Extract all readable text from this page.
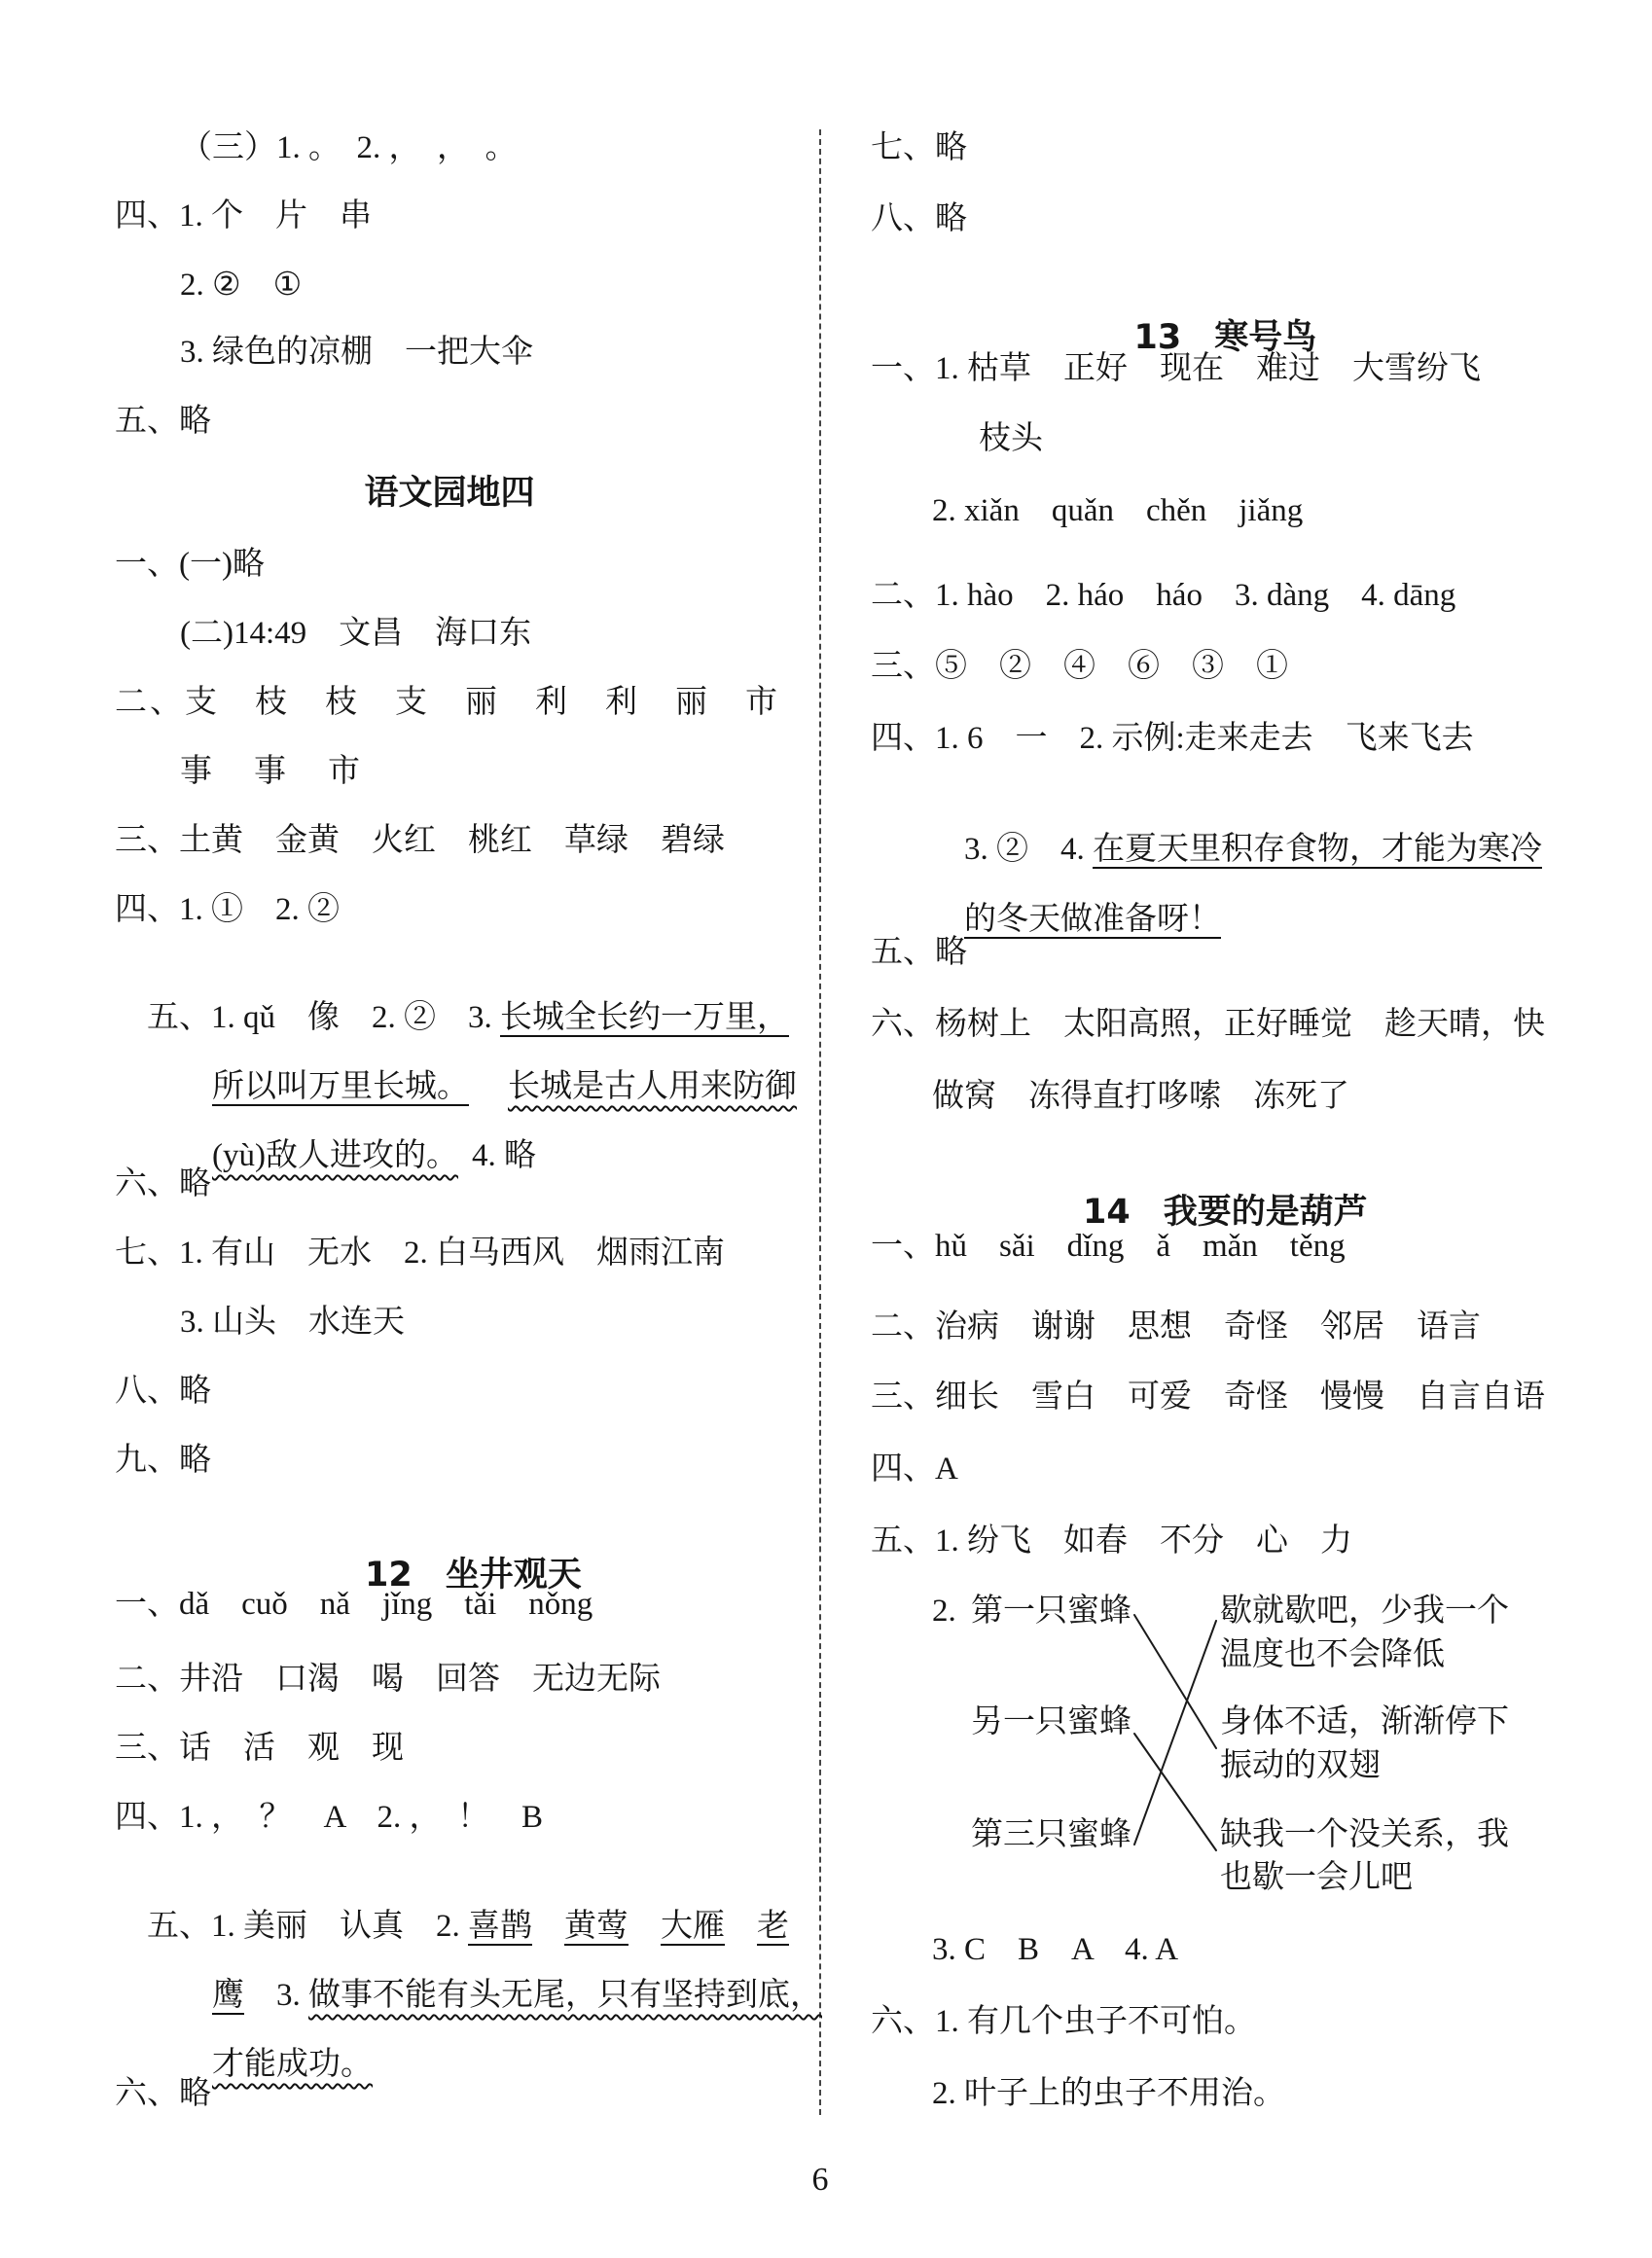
（三）1. 。　2. ，　，　。
四、1. 个　片　串
2. ②　①
3. 绿色的凉棚　一把大伞
五、略
语文园地四
一、(一)略
(二)14:49　文昌　海口东
二、支　枝　枝　支　丽　利　利　丽　市
事　事　市
三、土黄　金黄　火红　桃红　草绿　碧绿
四、1. ①　2. ②

五、1. qǔ　像　2. ②　3. 长城全长约一万里，

所以叫万里长城。 长城是古人用来防御

(yù)敌人进攻的。 4. 略

六、略
七、1. 有山　无水　2. 白马西风　烟雨江南
3. 山头　水连天
八、略
九、略

12 坐井观天

一、dǎ　cuǒ　nǎ　jǐng　tǎi　nǒng
二、井沿　口渴　喝　回答　无边无际
三、话　活　观　现
四、1. ，　？　A　2. ，　！　B

五、1. 美丽　认真　2. 喜鹊 黄莺 大雁 老

鹰 3. 做事不能有头无尾，只有坚持到底，

才能成功。

六、略
七、略
八、略

13 寒号鸟

一、1. 枯草　正好　现在　难过　大雪纷飞
枝头
2. xiǎn　quǎn　chěn　jiǎng
二、1. hào　2. háo　háo　3. dàng　4. dāng
三、⑤　②　④　⑥　③　①
四、1. 6　一　2. 示例:走来走去　飞来飞去

3. ②　4. 在夏天里积存食物，才能为寒冷

的冬天做准备呀！

五、略
六、杨树上　太阳高照，正好睡觉　趁天晴，快
做窝　冻得直打哆嗦　冻死了

14 我要的是葫芦

一、hǔ　sǎi　dǐng　ǎ　mǎn　těng
二、治病　谢谢　思想　奇怪　邻居　语言
三、细长　雪白　可爱　奇怪　慢慢　自言自语
四、A
五、1. 纷飞　如春　不分　心　力
2. 第一只蜜蜂
另一只蜜蜂
第三只蜜蜂
歇就歇吧，少我一个
温度也不会降低
身体不适，渐渐停下
振动的双翅
缺我一个没关系，我
也歇一会儿吧
3. C　B　A　4. A
六、1. 有几个虫子不可怕。
2. 叶子上的虫子不用治。
6
